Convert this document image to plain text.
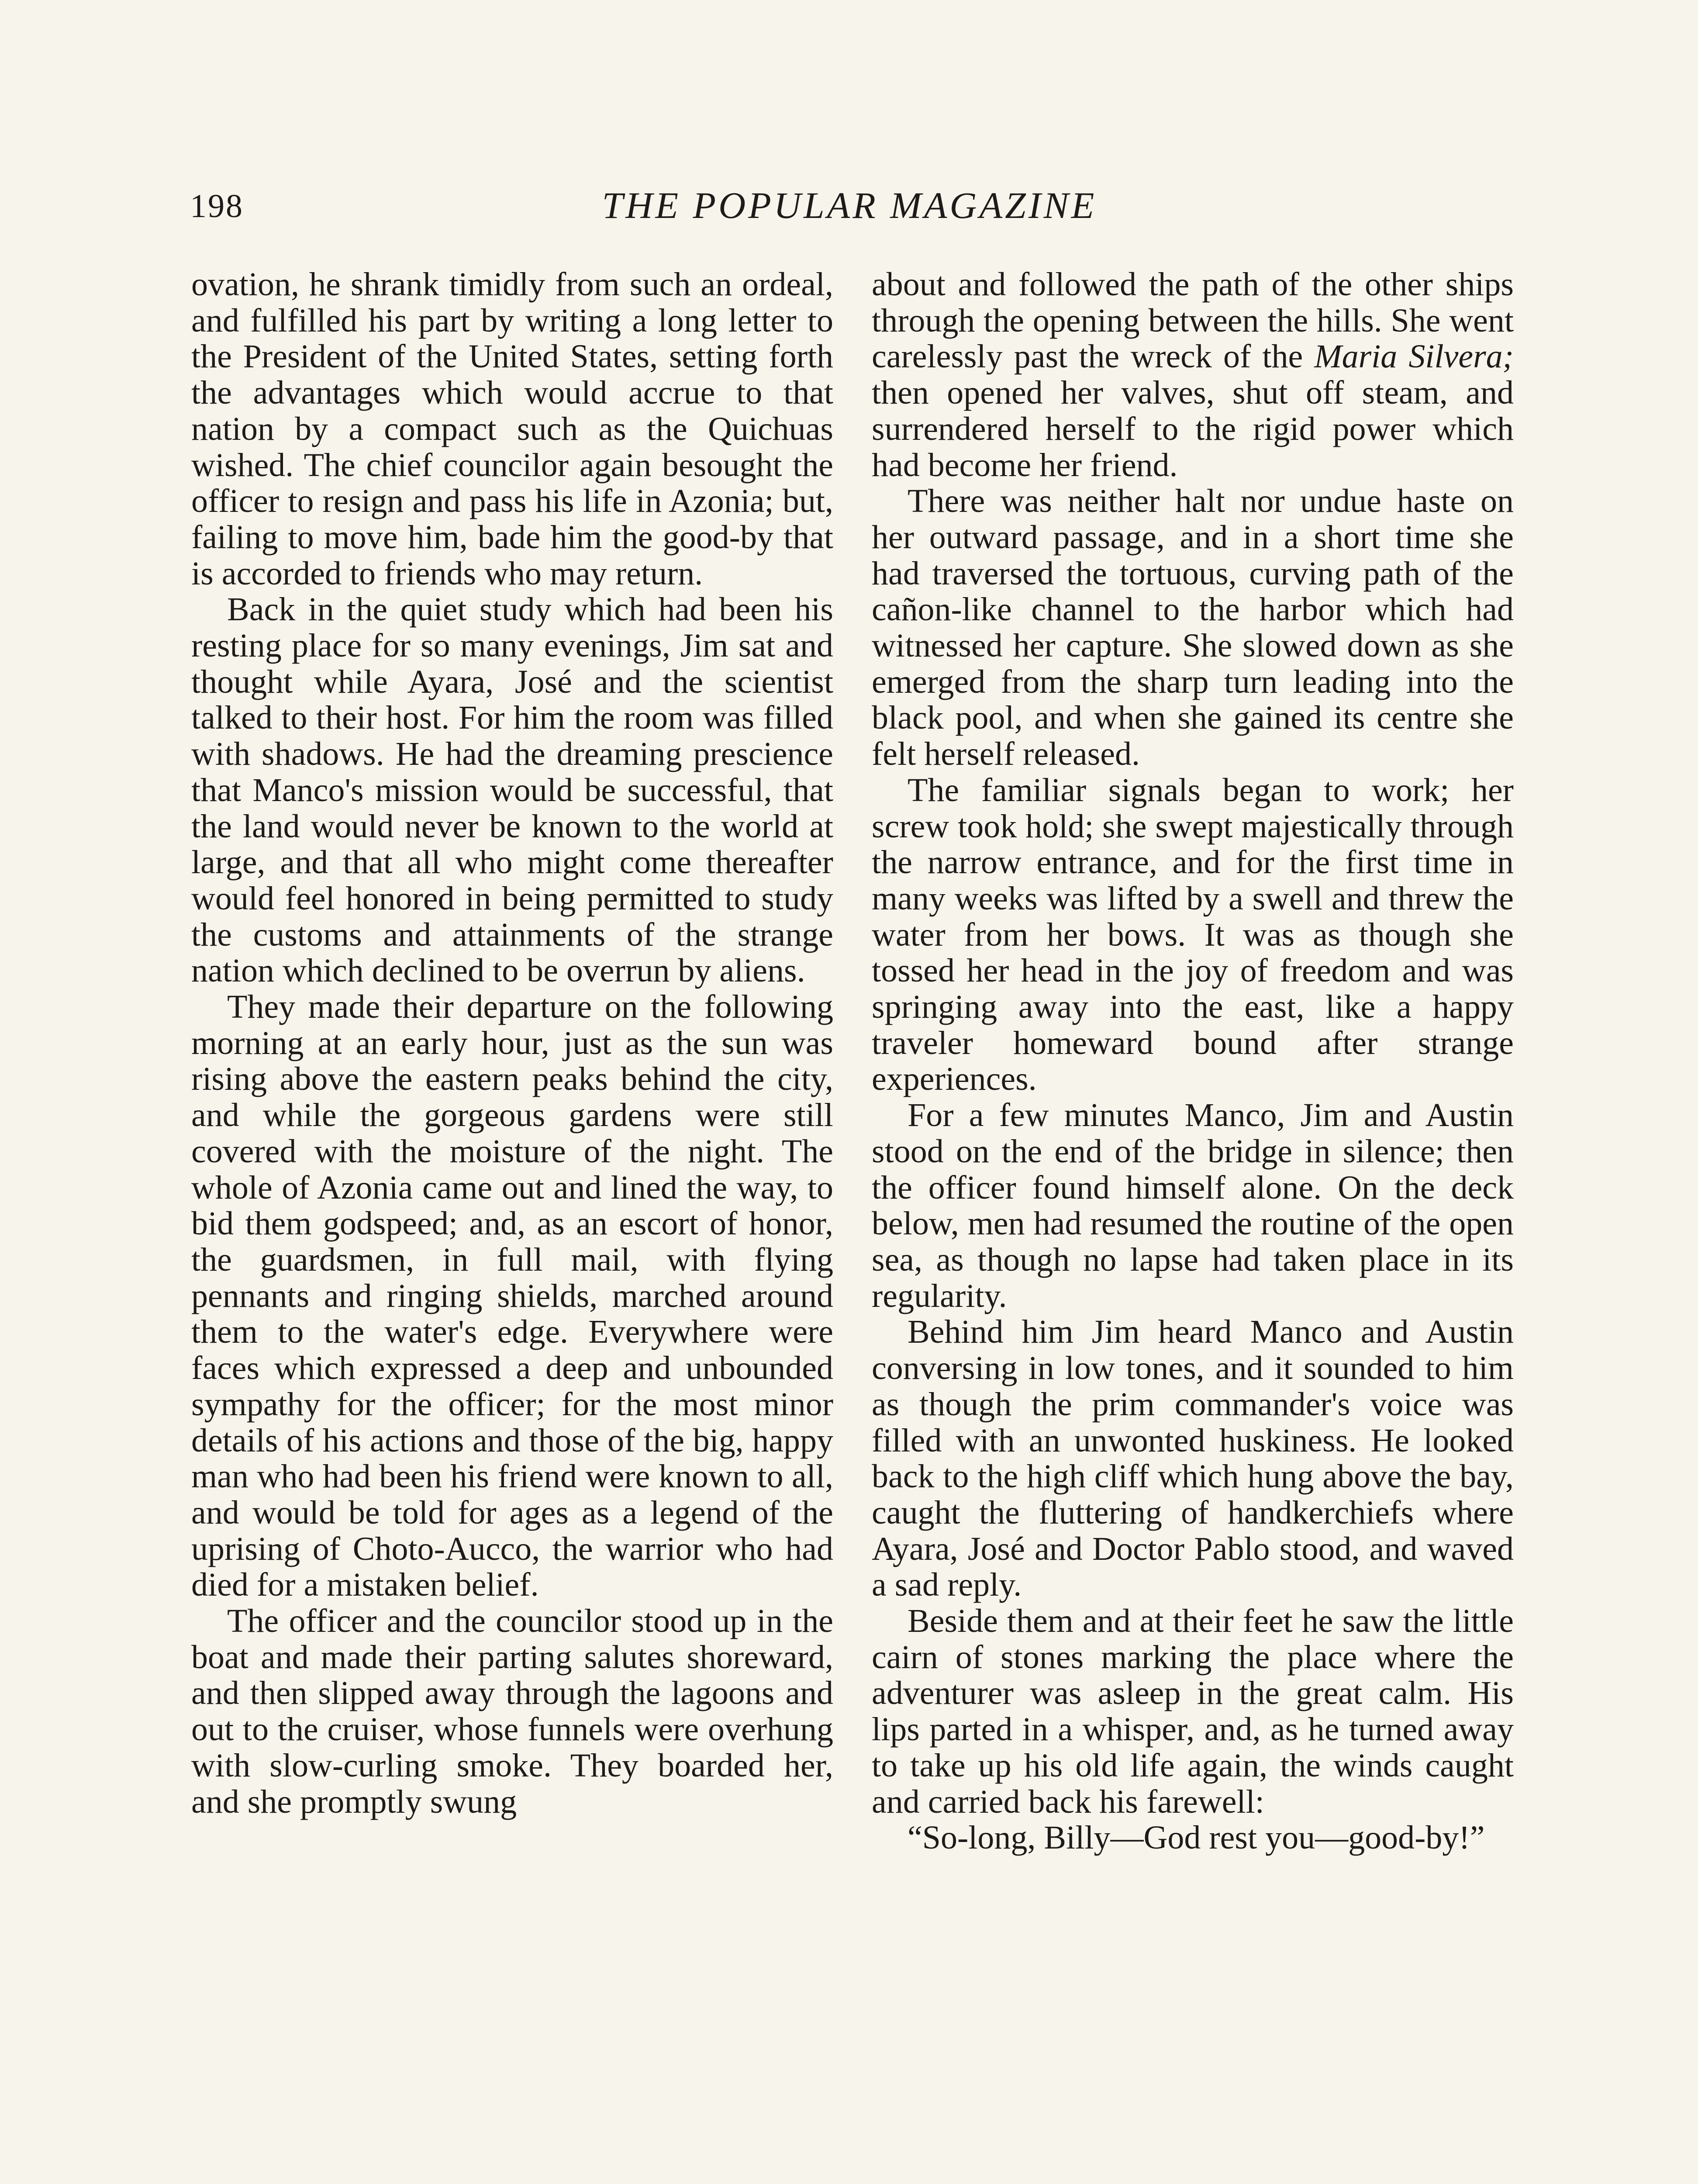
198	THE POPULAR MAGAZINE

ovation, he shrank timidly from such an ordeal, and fulfilled his part by writing a long letter to the President of the United States, setting forth the advantages which would accrue to that nation by a compact such as the Quichuas wished. The chief councilor again besought the officer to resign and pass his life in Azonia; but, failing to move him, bade him the good-by that is accorded to friends who may return.

Back in the quiet study which had been his resting place for so many evenings, Jim sat and thought while Ayara, José and the scientist talked to their host. For him the room was filled with shadows. He had the dreaming prescience that Manco's mission would be successful, that the land would never be known to the world at large, and that all who might come thereafter would feel honored in being permitted to study the customs and attainments of the strange nation which declined to be overrun by aliens.

They made their departure on the following morning at an early hour, just as the sun was rising above the eastern peaks behind the city, and while the gorgeous gardens were still covered with the moisture of the night. The whole of Azonia came out and lined the way, to bid them godspeed; and, as an escort of honor, the guardsmen, in full mail, with flying pennants and ringing shields, marched around them to the water's edge. Everywhere were faces which expressed a deep and unbounded sympathy for the officer; for the most minor details of his actions and those of the big, happy man who had been his friend were known to all, and would be told for ages as a legend of the uprising of Choto-Aucco, the warrior who had died for a mistaken belief.

The officer and the councilor stood up in the boat and made their parting salutes shoreward, and then slipped away through the lagoons and out to the cruiser, whose funnels were overhung with slow-curling smoke. They boarded her, and she promptly swung

about and followed the path of the other ships through the opening between the hills. She went carelessly past the wreck of the Maria Silvera; then opened her valves, shut off steam, and surrendered herself to the rigid power which had become her friend.

There was neither halt nor undue haste on her outward passage, and in a short time she had traversed the tortuous, curving path of the cañon-like channel to the harbor which had witnessed her capture. She slowed down as she emerged from the sharp turn leading into the black pool, and when she gained its centre she felt herself released.

The familiar signals began to work; her screw took hold; she swept majestically through the narrow entrance, and for the first time in many weeks was lifted by a swell and threw the water from her bows. It was as though she tossed her head in the joy of freedom and was springing away into the east, like a happy traveler homeward bound after strange experiences.

For a few minutes Manco, Jim and Austin stood on the end of the bridge in silence; then the officer found himself alone. On the deck below, men had resumed the routine of the open sea, as though no lapse had taken place in its regularity.

Behind him Jim heard Manco and Austin conversing in low tones, and it sounded to him as though the prim commander's voice was filled with an unwonted huskiness. He looked back to the high cliff which hung above the bay, caught the fluttering of handkerchiefs where Ayara, José and Doctor Pablo stood, and waved a sad reply.

Beside them and at their feet he saw the little cairn of stones marking the place where the adventurer was asleep in the great calm. His lips parted in a whisper, and, as he turned away to take up his old life again, the winds caught and carried back his farewell:

“So-long, Billy—God rest you—good-by!”
